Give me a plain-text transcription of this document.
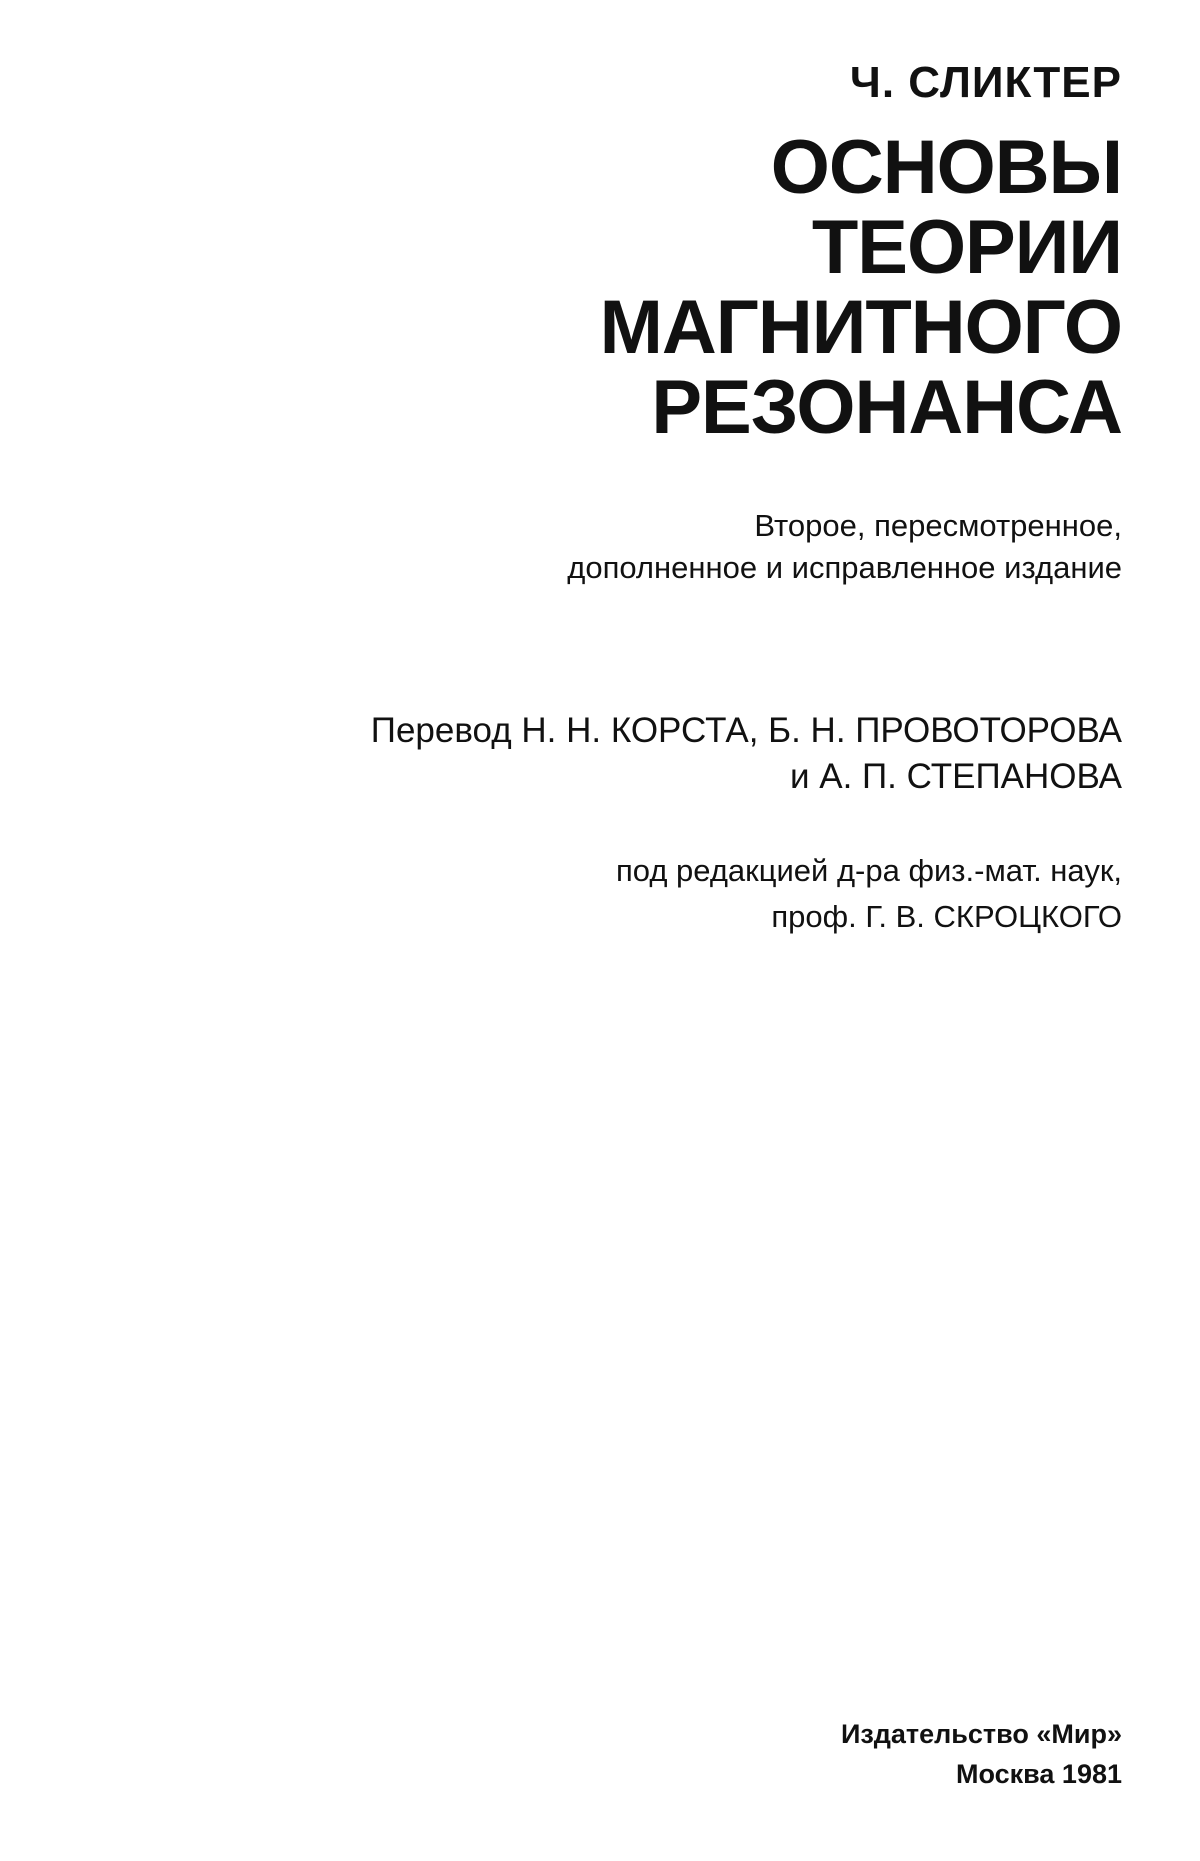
Ч. СЛИКТЕР
ОСНОВЫ
ТЕОРИИ
МАГНИТНОГО
РЕЗОНАНСА
Второе, пересмотренное,
дополненное и исправленное издание
Перевод Н. Н. КОРСТА, Б. Н. ПРОВОТОРОВА
и А. П. СТЕПАНОВА
под редакцией д-ра физ.-мат. наук,
проф. Г. В. СКРОЦКОГО
Издательство «Мир»
Москва 1981
